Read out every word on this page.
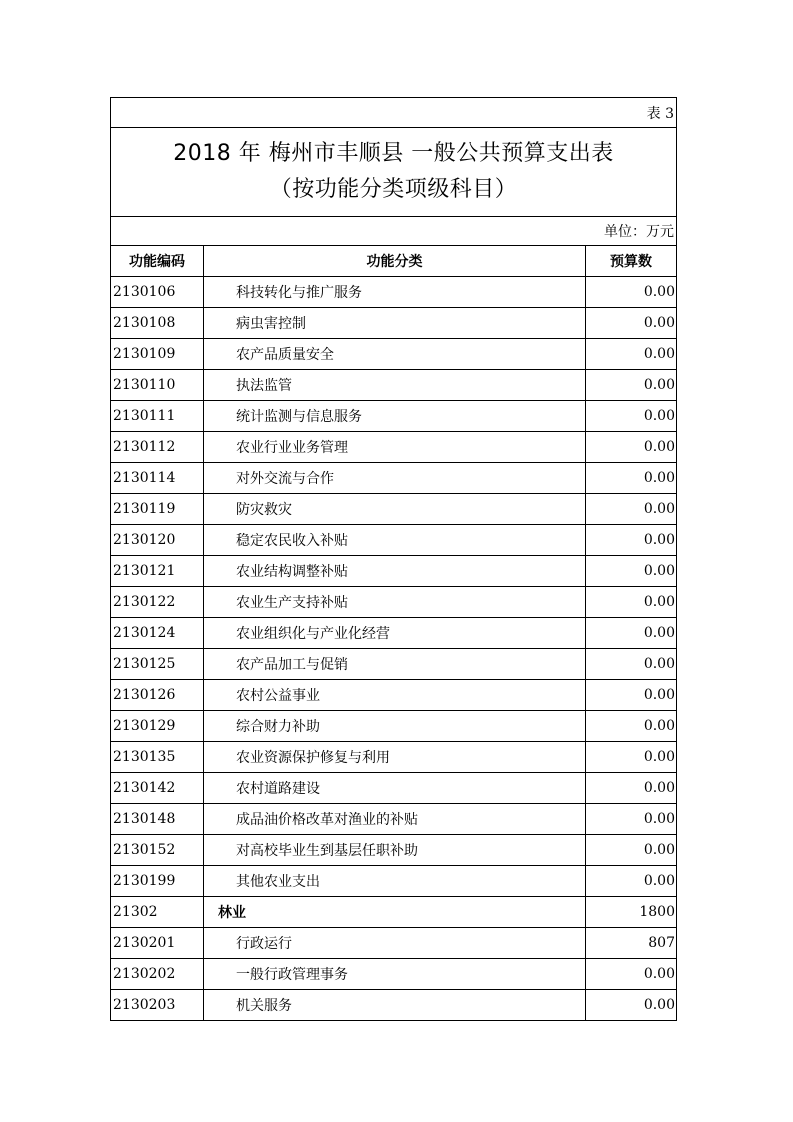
表 3
2018 年 梅州市丰顺县 一般公共预算支出表
（按功能分类项级科目）
单位：万元
功能编码	功能分类	预算数
2130106	科技转化与推广服务	0.00
2130108	病虫害控制	0.00
2130109	农产品质量安全	0.00
2130110	执法监管	0.00
2130111	统计监测与信息服务	0.00
2130112	农业行业业务管理	0.00
2130114	对外交流与合作	0.00
2130119	防灾救灾	0.00
2130120	稳定农民收入补贴	0.00
2130121	农业结构调整补贴	0.00
2130122	农业生产支持补贴	0.00
2130124	农业组织化与产业化经营	0.00
2130125	农产品加工与促销	0.00
2130126	农村公益事业	0.00
2130129	综合财力补助	0.00
2130135	农业资源保护修复与利用	0.00
2130142	农村道路建设	0.00
2130148	成品油价格改革对渔业的补贴	0.00
2130152	对高校毕业生到基层任职补助	0.00
2130199	其他农业支出	0.00
21302	林业	1800
2130201	行政运行	807
2130202	一般行政管理事务	0.00
2130203	机关服务	0.00
